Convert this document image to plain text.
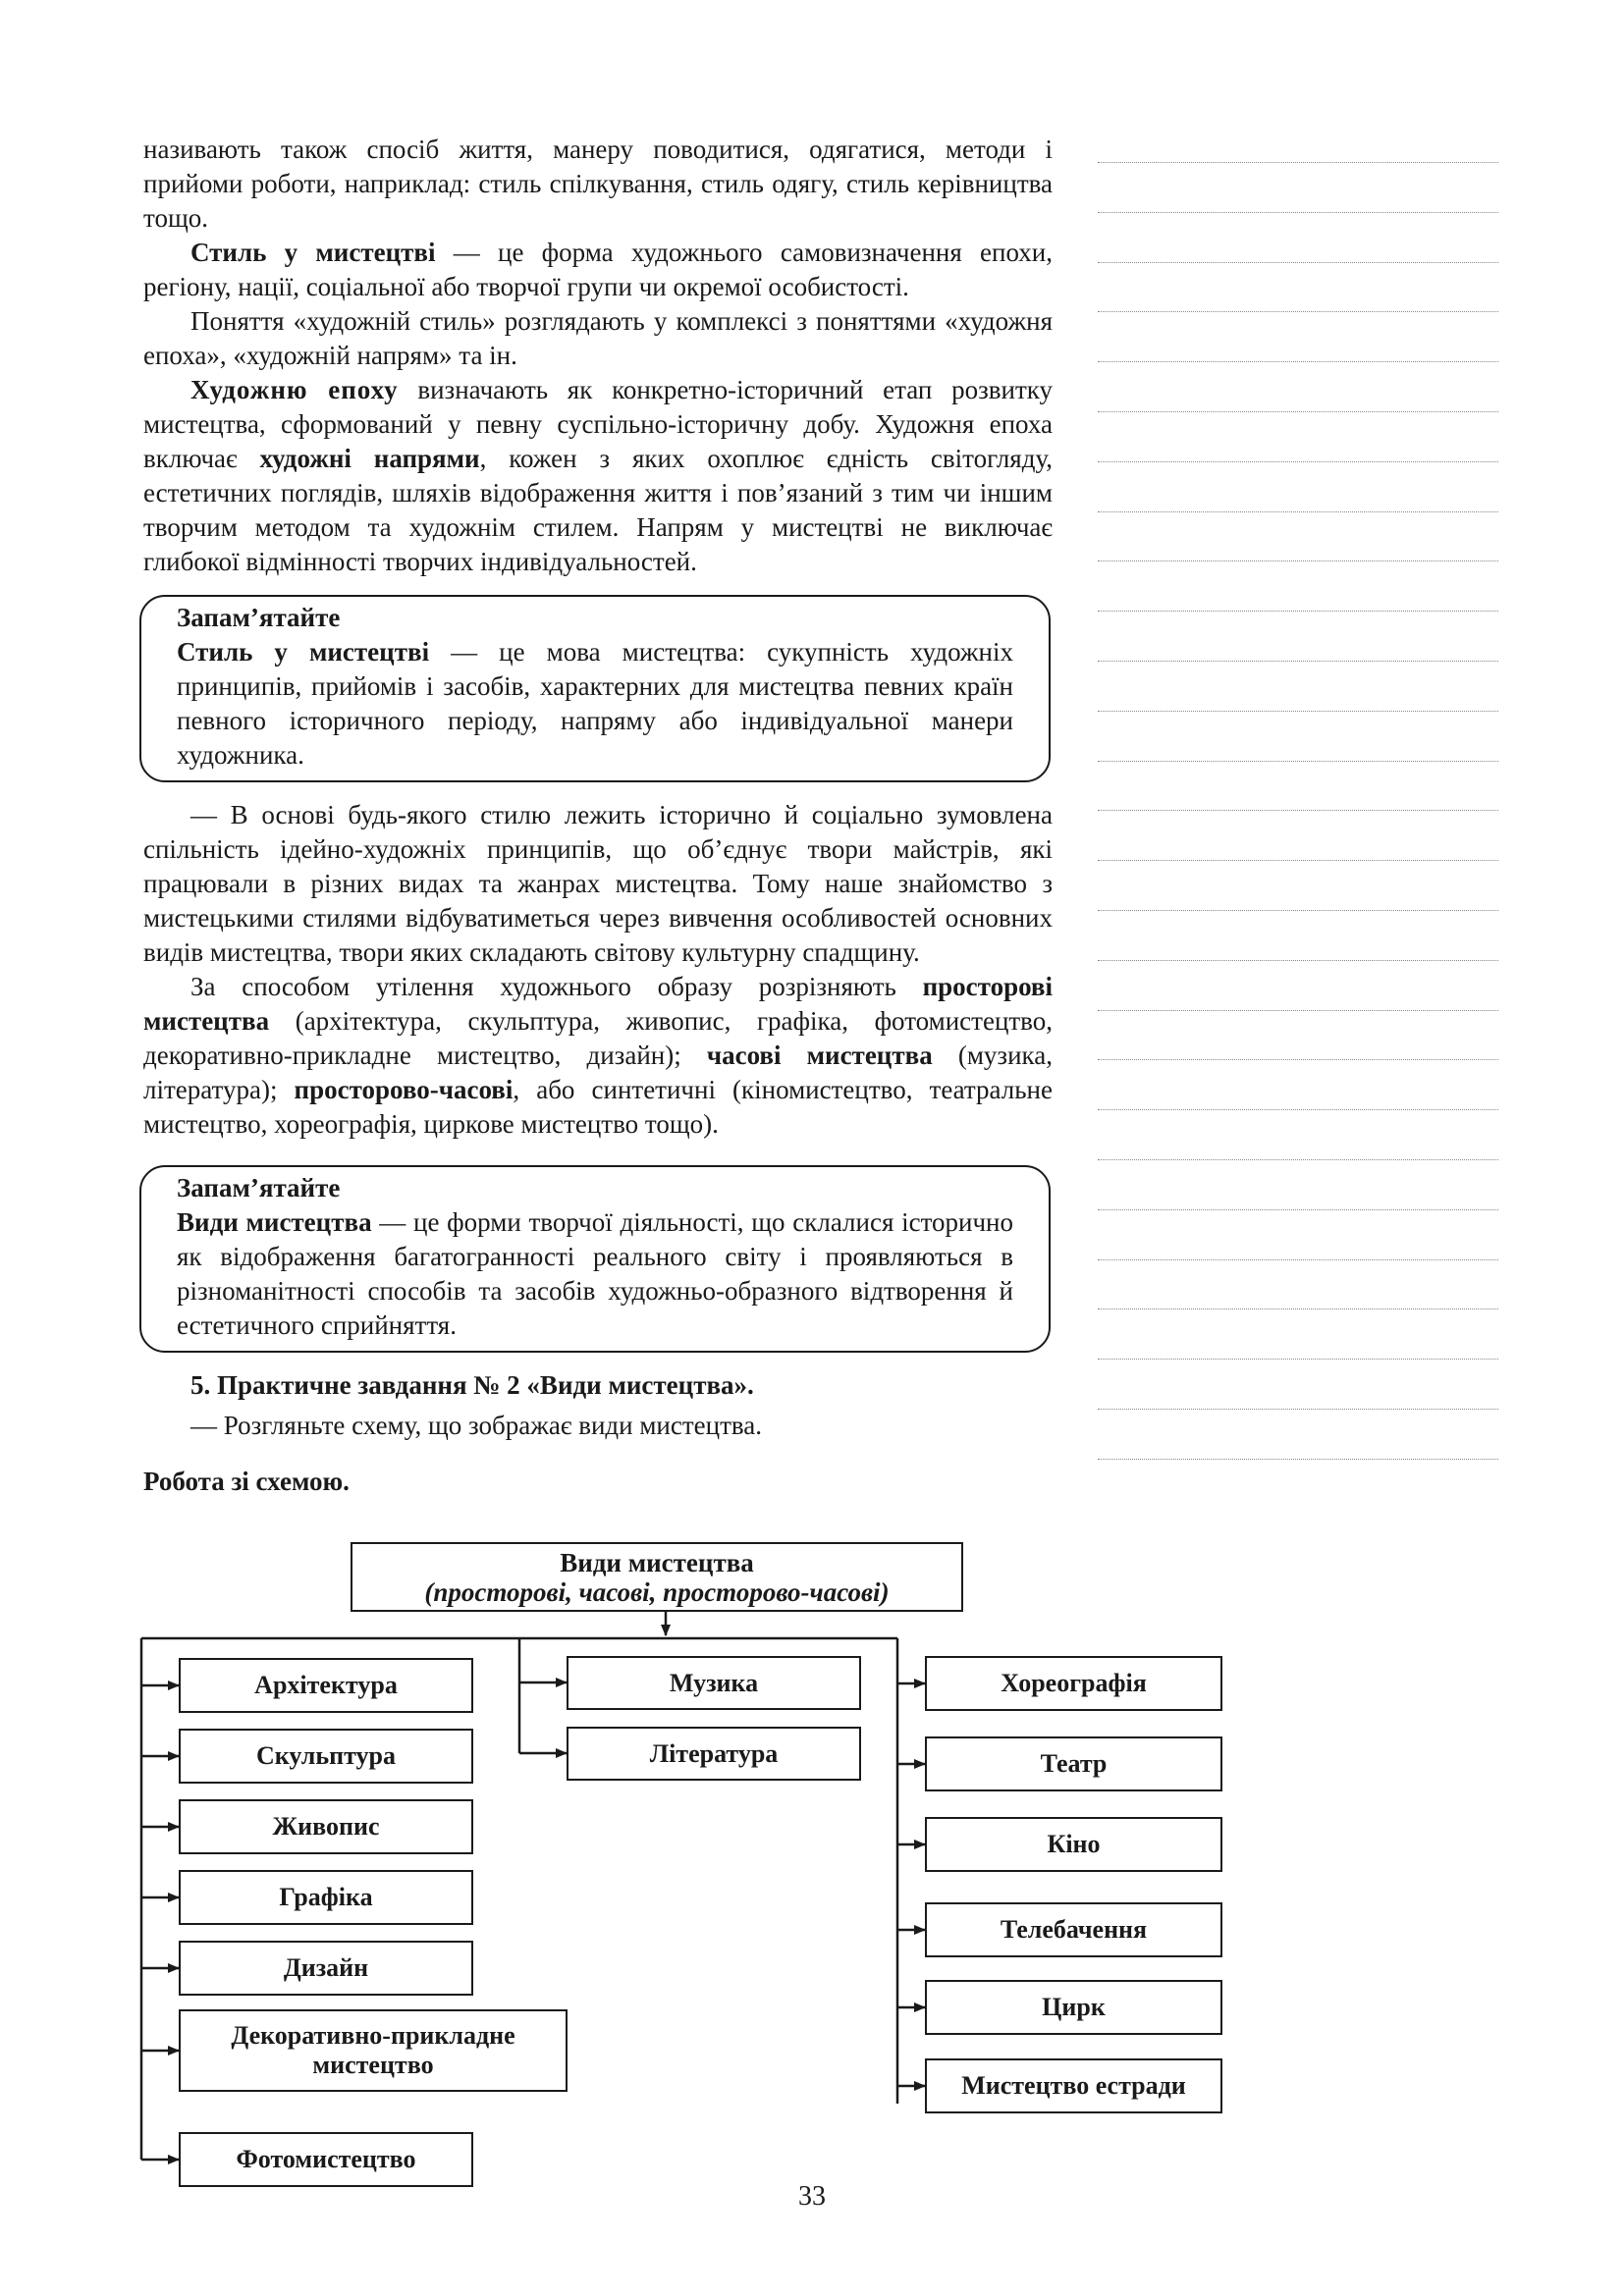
називають також спосіб життя, манеру поводитися, одягатися, методи і прийоми роботи, наприклад: стиль спілкування, стиль одягу, стиль керівництва тощо.

Стиль у мистецтві — це форма художнього самовизначення епохи, регіону, нації, соціальної або творчої групи чи окремої особистості.

Поняття «художній стиль» розглядають у комплексі з поняттями «художня епоха», «художній напрям» та ін.

Художню епоху визначають як конкретно-історичний етап розвитку мистецтва, сформований у певну суспільно-історичну добу. Художня епоха включає художні напрями, кожен з яких охоплює єдність світогляду, естетичних поглядів, шляхів відображення життя і пов’язаний з тим чи іншим творчим методом та художнім стилем. Напрям у мистецтві не виключає глибокої відмінності творчих індивідуальностей.

Запам’ятайте

Стиль у мистецтві — це мова мистецтва: сукупність художніх принципів, прийомів і засобів, характерних для мистецтва певних країн певного історичного періоду, напряму або індивідуальної манери художника.

— В основі будь-якого стилю лежить історично й соціально зумовлена спільність ідейно-художніх принципів, що об’єднує твори майстрів, які працювали в різних видах та жанрах мистецтва. Тому наше знайомство з мистецькими стилями відбуватиметься через вивчення особливостей основних видів мистецтва, твори яких складають світову культурну спадщину.

За способом утілення художнього образу розрізняють просторові мистецтва (архітектура, скульптура, живопис, графіка, фотомистецтво, декоративно-прикладне мистецтво, дизайн); часові мистецтва (музика, література); просторово-часові, або синтетичні (кіномистецтво, театральне мистецтво, хореографія, циркове мистецтво тощо).

Запам’ятайте

Види мистецтва — це форми творчої діяльності, що склалися історично як відображення багатогранності реального світу і проявляються в різноманітності способів та засобів художньо-образного відтворення й естетичного сприйняття.

5. Практичне завдання № 2 «Види мистецтва».

— Розгляньте схему, що зображає види мистецтва.

Робота зі схемою.
Види мистецтва
(просторові, часові, просторово-часові)
Архітектура
Скульптура
Живопис
Графіка
Дизайн
Декоративно-прикладне мистецтво
Фотомистецтво
Музика
Література
Хореографія
Театр
Кіно
Телебачення
Цирк
Мистецтво естради
33
